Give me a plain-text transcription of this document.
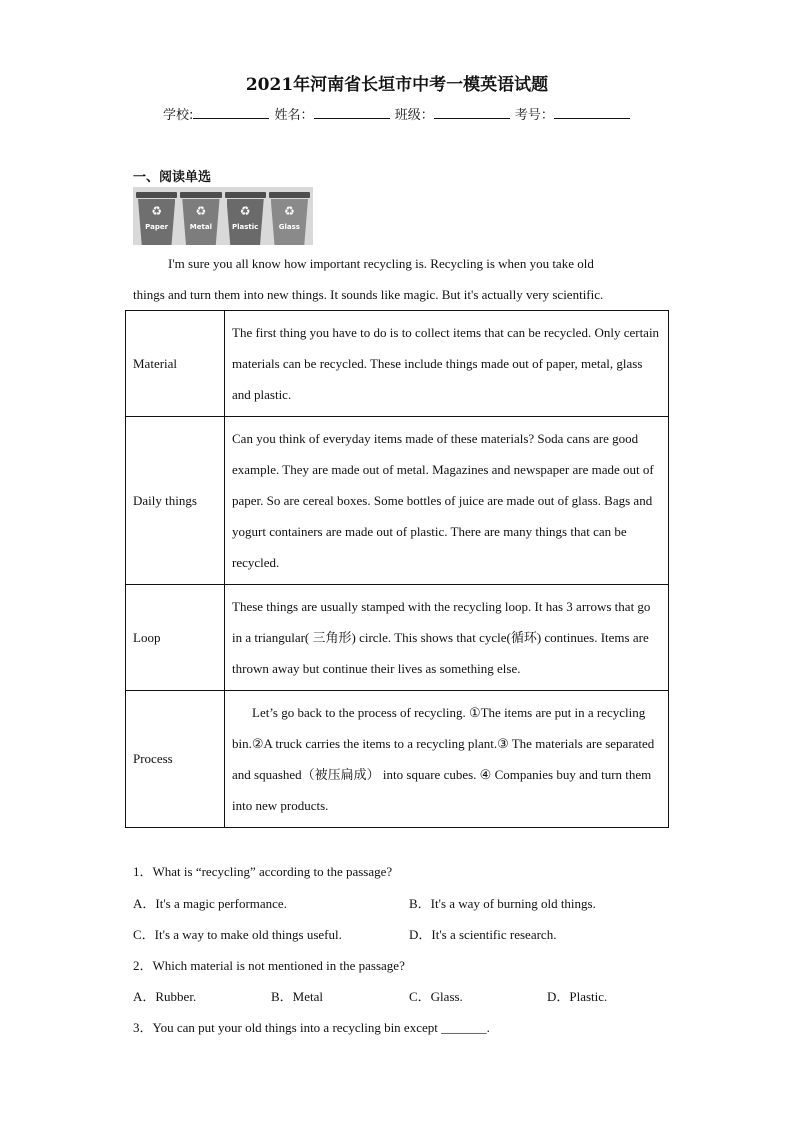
2021年河南省长垣市中考一模英语试题
学校:	姓名：	班级：	考号：
一、阅读单选
♻
Paper
♻
Metal
♻
Plastic
♻
Glass
I'm sure you all know how important recycling is. Recycling is when you take old
things and turn them into new things. It sounds like magic. But it's actually very scientific.
Material	The first thing you have to do is to collect items that can be recycled. Only certain materials can be recycled. These include things made out of paper, metal, glass and plastic.
Daily things	Can you think of everyday items made of these materials? Soda cans are good example. They are made out of metal. Magazines and newspaper are made out of paper. So are cereal boxes. Some bottles of juice are made out of glass. Bags and yogurt containers are made out of plastic. There are many things that can be recycled.
Loop	These things are usually stamped with the recycling loop. It has 3 arrows that go in a triangular( 三角形) circle. This shows that cycle(循环) continues. Items are thrown away but continue their lives as something else.
Process	Let’s go back to the process of recycling. ①The items are put in a recycling bin.②A truck carries the items to a recycling plant.③ The materials are separated and squashed（被压扁成） into square cubes. ④ Companies buy and turn them into new products.
1．What is “recycling” according to the passage?
A．It's a magic performance.	B．It's a way of burning old things.
C．It's a way to make old things useful.	D．It's a scientific research.
2．Which material is not mentioned in the passage?
A．Rubber.	B．Metal	C．Glass.	D．Plastic.
3．You can put your old things into a recycling bin except _______.
